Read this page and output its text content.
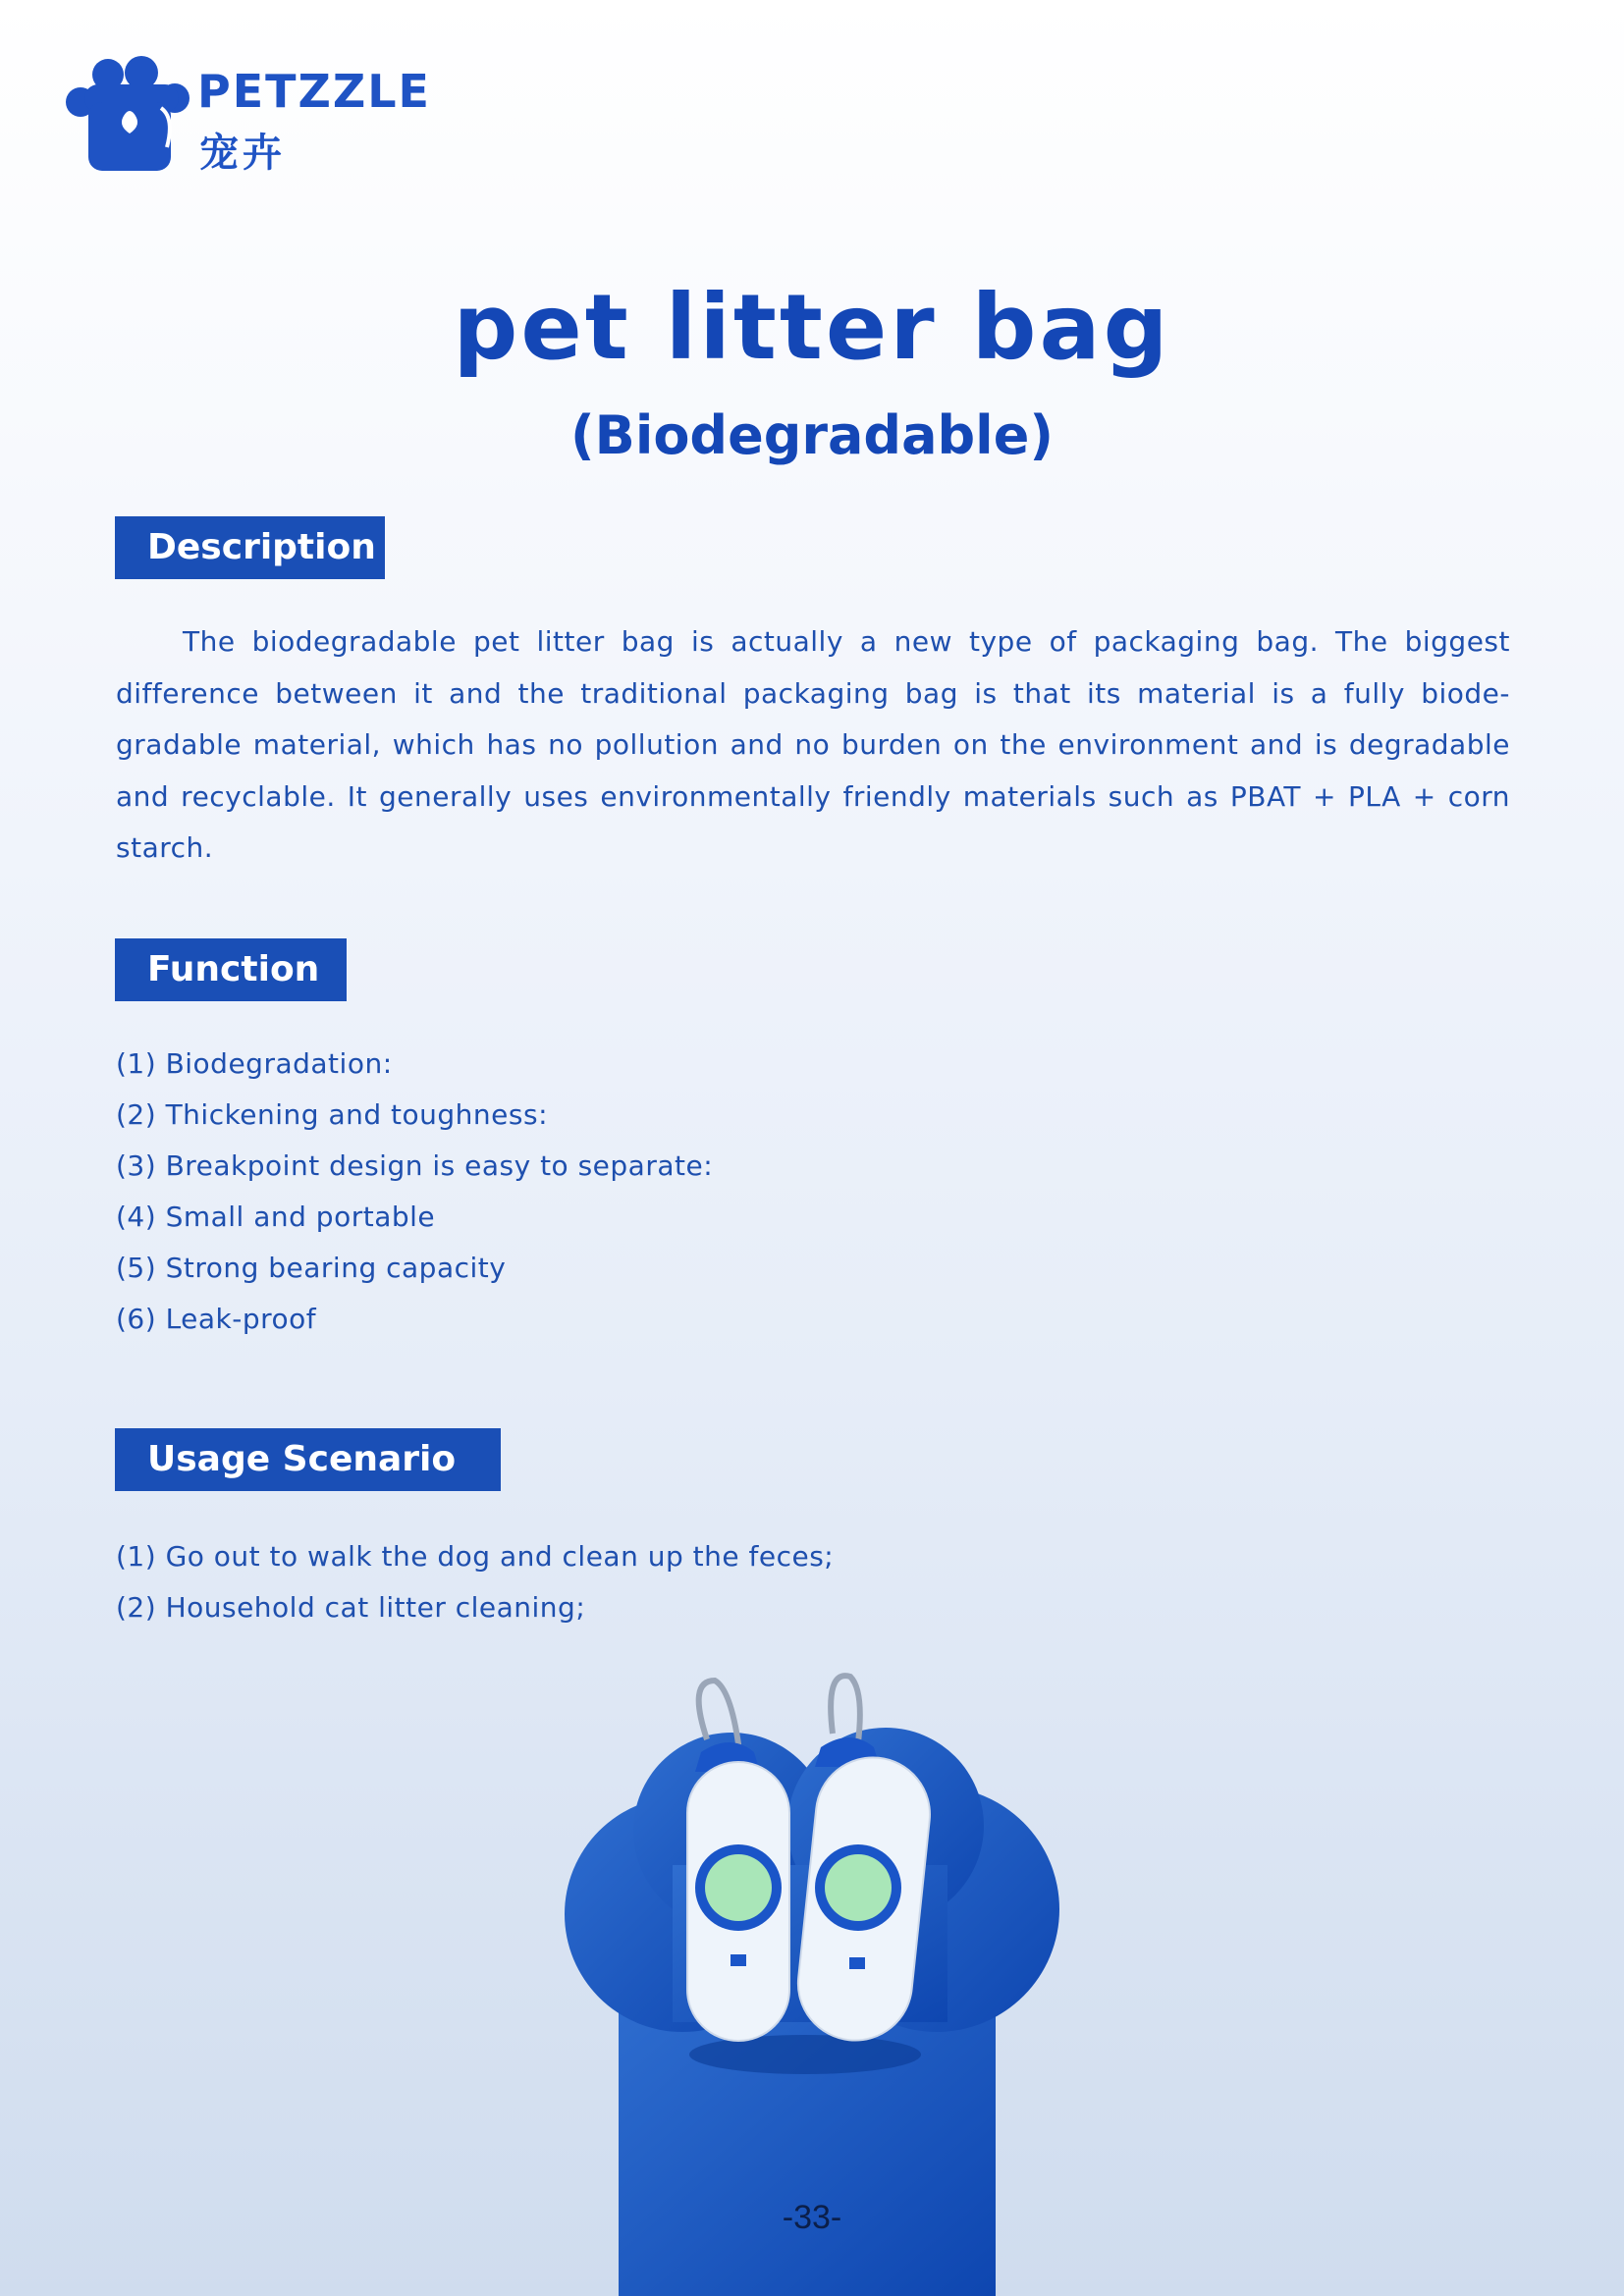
PETZZLE
宠卉
pet litter bag
(Biodegradable)
Description
The biodegradable pet litter bag is actually a new type of packaging bag. The biggest difference between it and the traditional packaging bag is that its material is a fully biode-gradable material, which has no pollution and no burden on the environment and is degradable and recyclable. It generally uses environmentally friendly materials such as PBAT + PLA + corn starch.
Function
(1) Biodegradation:
(2) Thickening and toughness:
(3) Breakpoint design is easy to separate:
(4) Small and portable
(5) Strong bearing capacity
(6) Leak-proof
Usage Scenario
(1) Go out to walk the dog and clean up the feces;
(2) Household cat litter cleaning;
-33-
